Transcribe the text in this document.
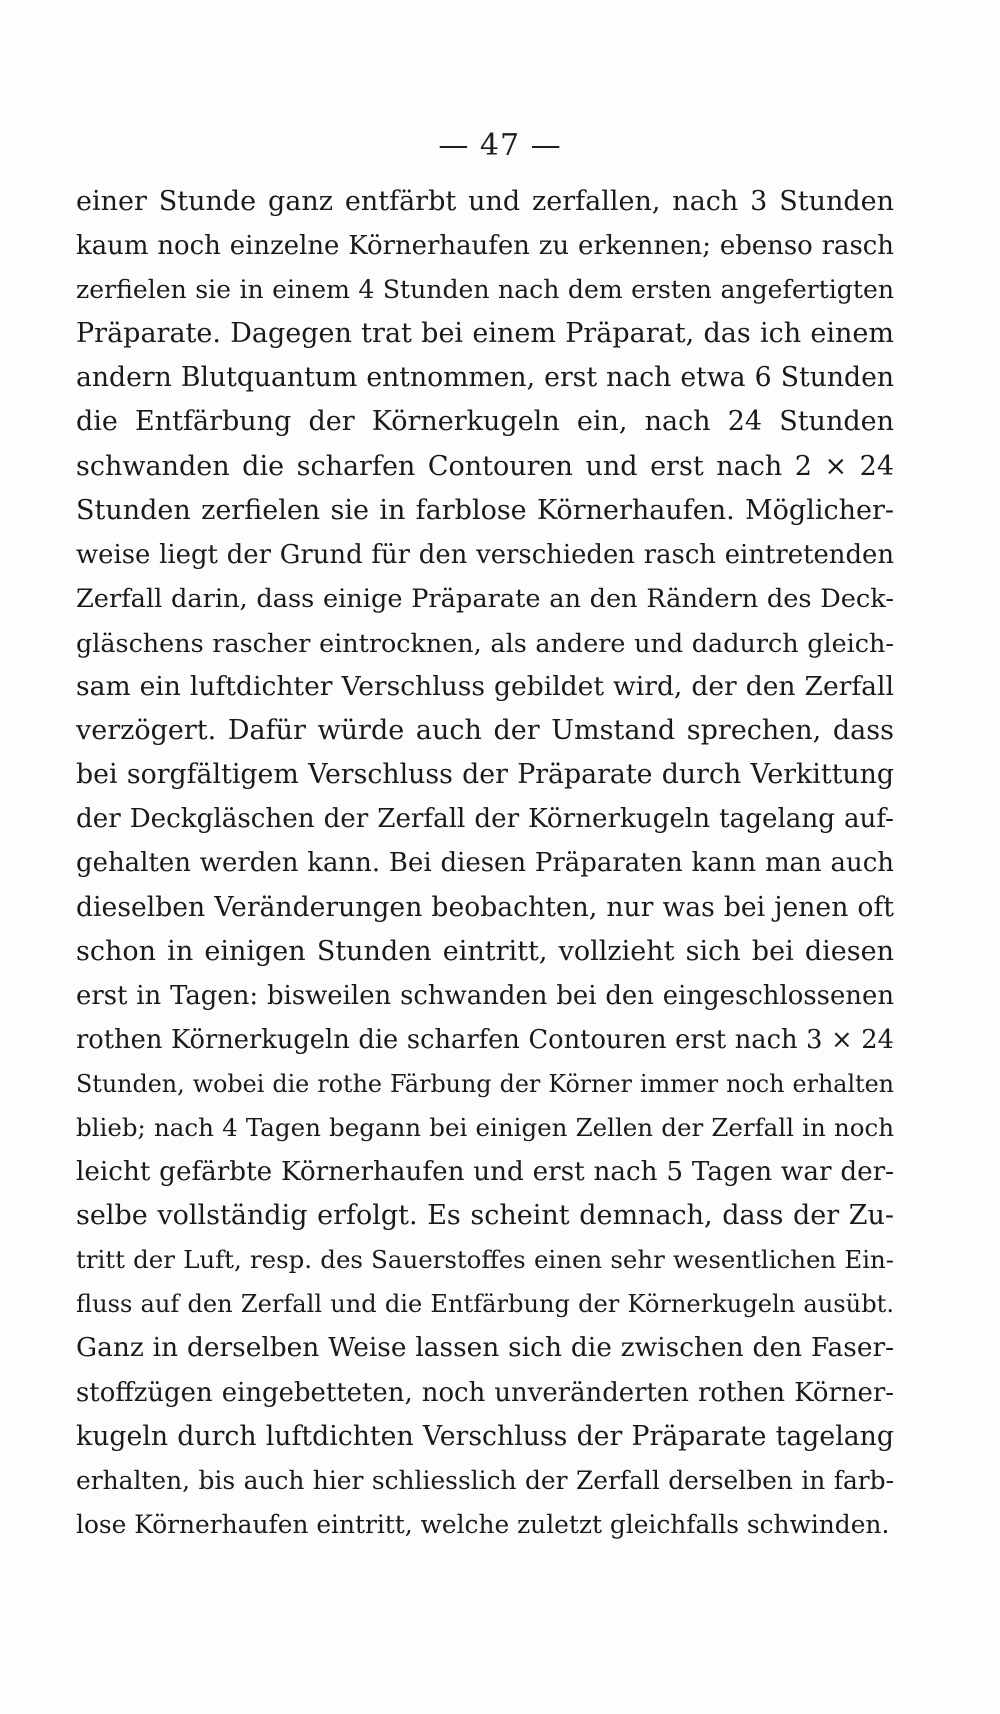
— 47 —
einer Stunde ganz entfärbt und zerfallen, nach 3 Stunden
kaum noch einzelne Körnerhaufen zu erkennen; ebenso rasch
zerfielen sie in einem 4 Stunden nach dem ersten angefertigten
Präparate. Dagegen trat bei einem Präparat, das ich einem
andern Blutquantum entnommen, erst nach etwa 6 Stunden
die Entfärbung der Körnerkugeln ein, nach 24 Stunden
schwanden die scharfen Contouren und erst nach 2 × 24
Stunden zerfielen sie in farblose Körnerhaufen. Möglicher-
weise liegt der Grund für den verschieden rasch eintretenden
Zerfall darin, dass einige Präparate an den Rändern des Deck-
gläschens rascher eintrocknen, als andere und dadurch gleich-
sam ein luftdichter Verschluss gebildet wird, der den Zerfall
verzögert. Dafür würde auch der Umstand sprechen, dass
bei sorgfältigem Verschluss der Präparate durch Verkittung
der Deckgläschen der Zerfall der Körnerkugeln tagelang auf-
gehalten werden kann. Bei diesen Präparaten kann man auch
dieselben Veränderungen beobachten, nur was bei jenen oft
schon in einigen Stunden eintritt, vollzieht sich bei diesen
erst in Tagen: bisweilen schwanden bei den eingeschlossenen
rothen Körnerkugeln die scharfen Contouren erst nach 3 × 24
Stunden, wobei die rothe Färbung der Körner immer noch erhalten
blieb; nach 4 Tagen begann bei einigen Zellen der Zerfall in noch
leicht gefärbte Körnerhaufen und erst nach 5 Tagen war der-
selbe vollständig erfolgt. Es scheint demnach, dass der Zu-
tritt der Luft, resp. des Sauerstoffes einen sehr wesentlichen Ein-
fluss auf den Zerfall und die Entfärbung der Körnerkugeln ausübt.
Ganz in derselben Weise lassen sich die zwischen den Faser-
stoffzügen eingebetteten, noch unveränderten rothen Körner-
kugeln durch luftdichten Verschluss der Präparate tagelang
erhalten, bis auch hier schliesslich der Zerfall derselben in farb-
lose Körnerhaufen eintritt, welche zuletzt gleichfalls schwinden.
